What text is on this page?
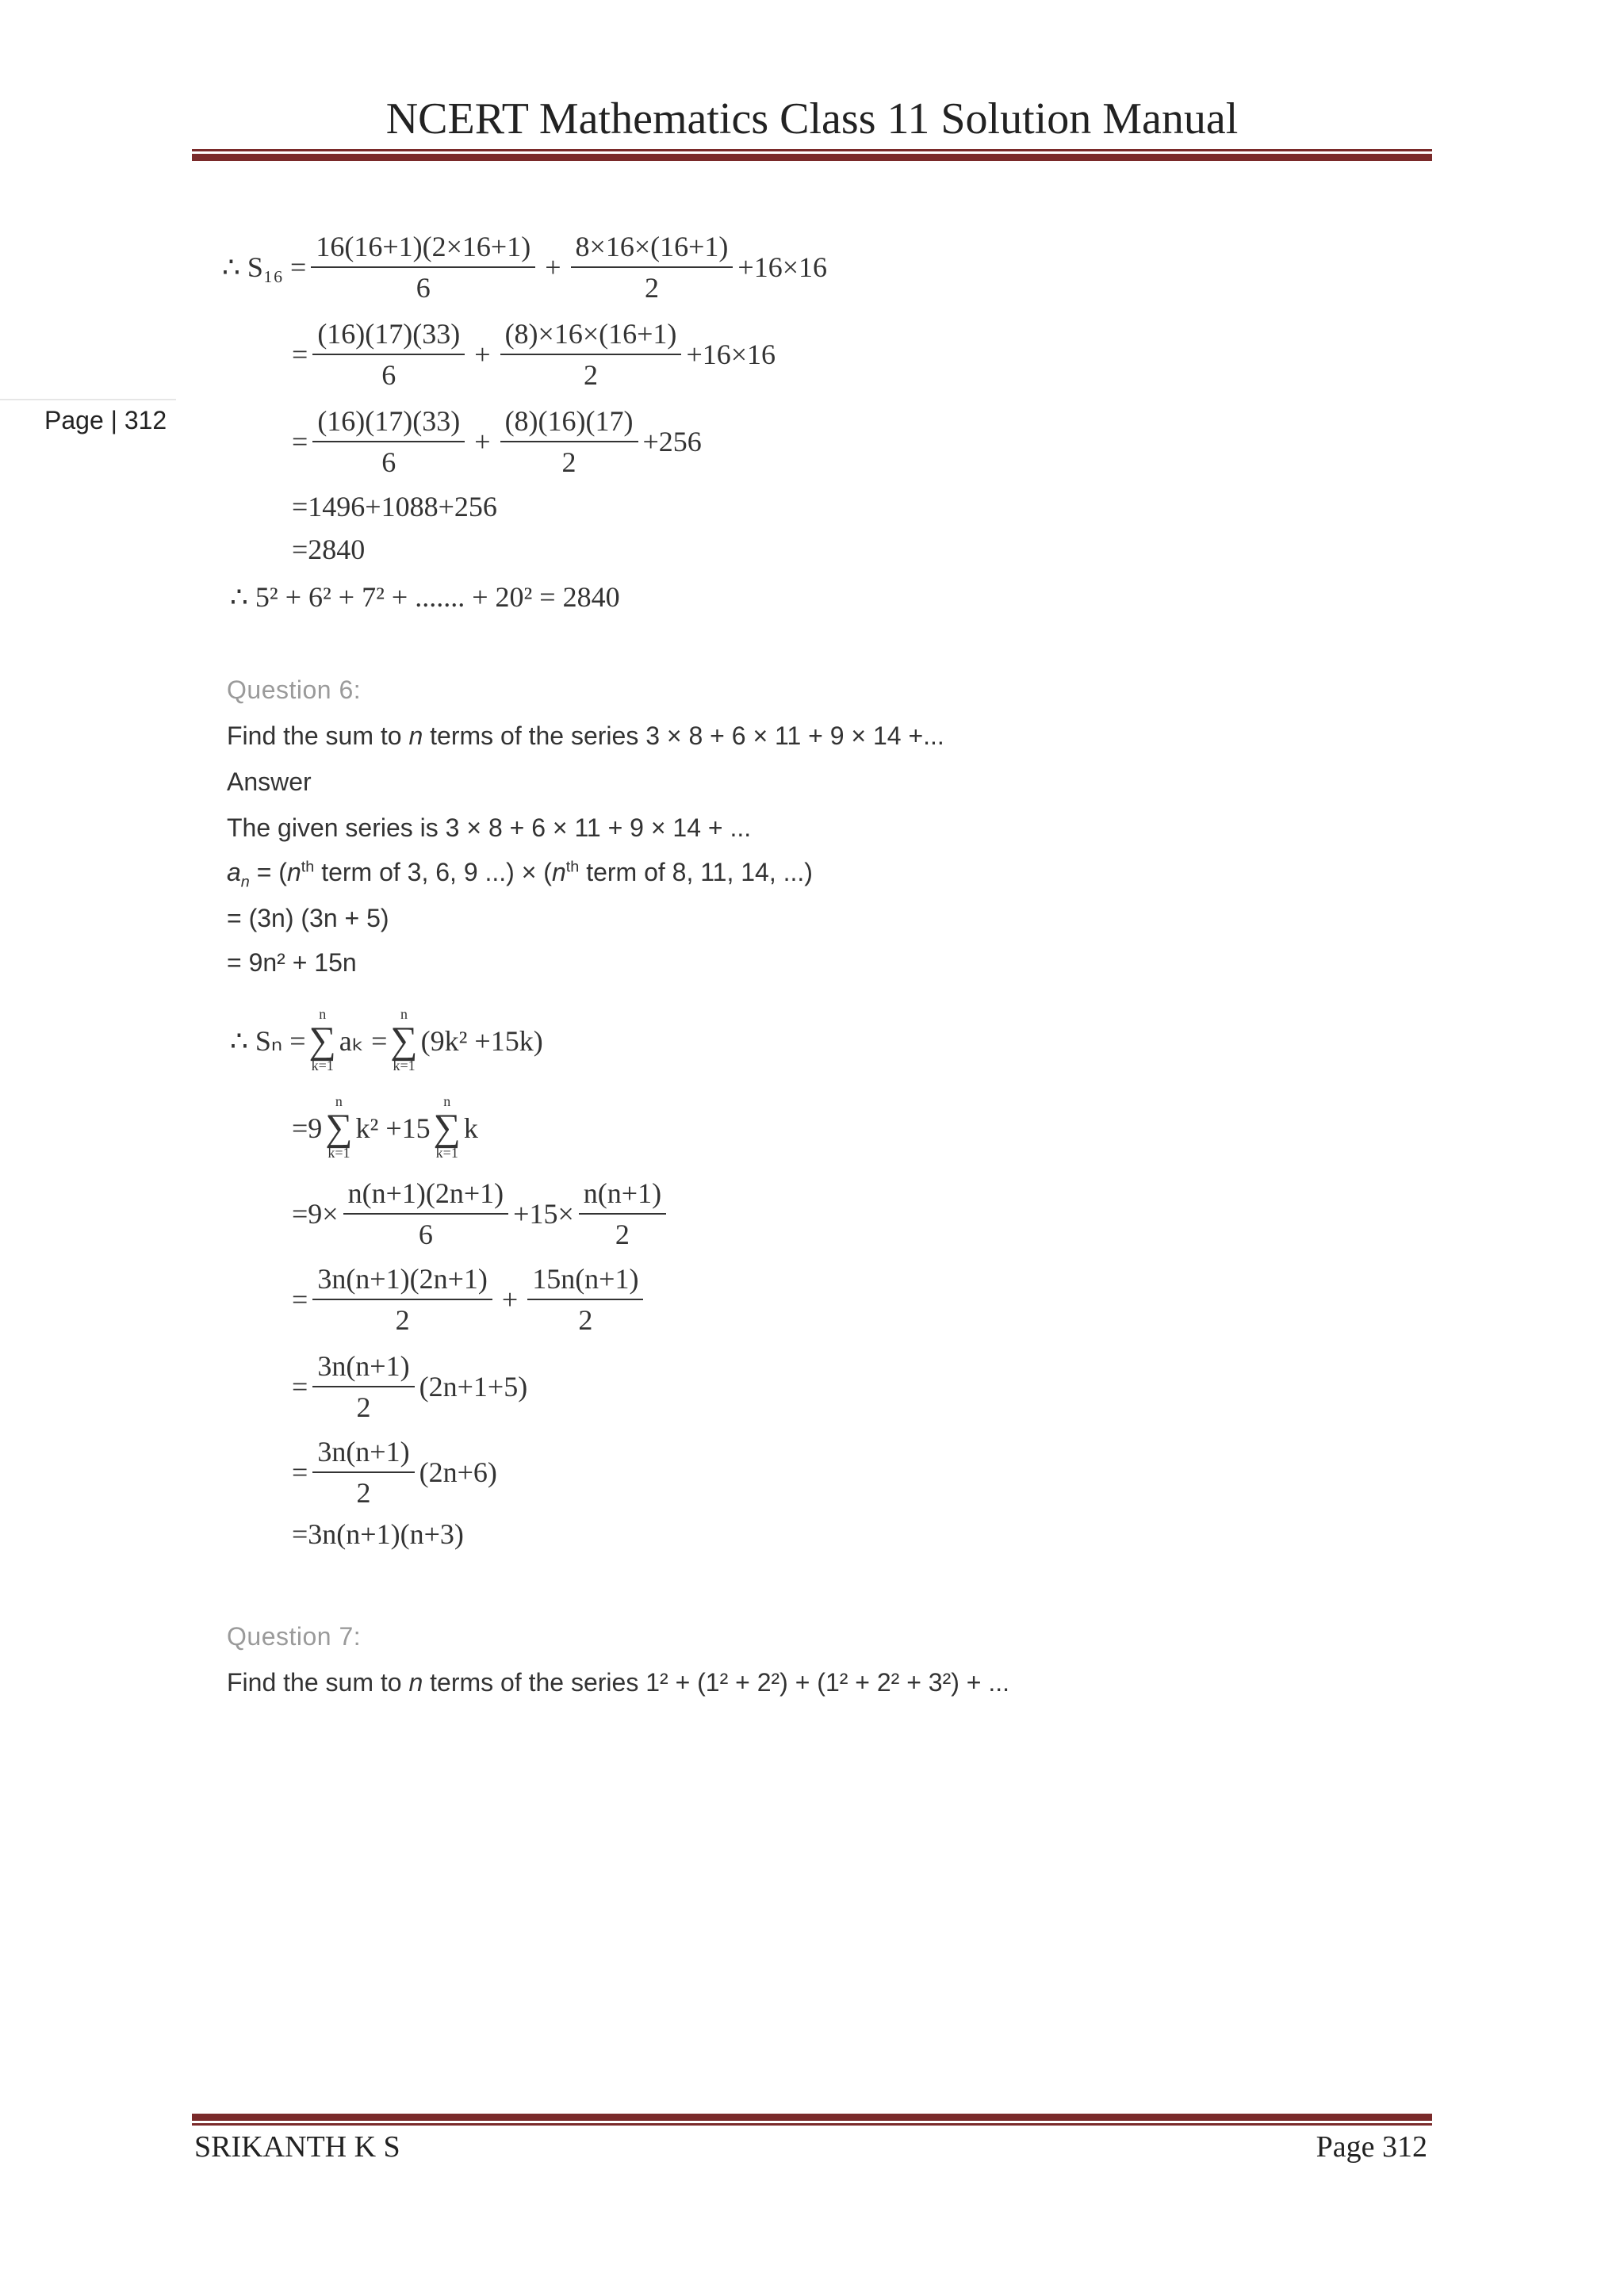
NCERT Mathematics Class 11 Solution Manual
Page | 312
∴ $S_{16} = \frac{16(16+1)(2\times 16+1)}{6} + \frac{8\times 16\times(16+1)}{2} +16\times 16$
= $\frac{(16)(17)(33)}{6} + \frac{(8)\times 16\times(16+1)}{2} +16\times 16$
= $\frac{(16)(17)(33)}{6} + \frac{(8)(16)(17)}{2} +256$
=1496+1088+256
=2840
∴ 5² + 6² + 7² + ....... + 20² = 2840
Question 6:
Find the sum to n terms of the series 3 × 8 + 6 × 11 + 9 × 14 +...
Answer
The given series is 3 × 8 + 6 × 11 + 9 × 14 + ...
$a_n = (n^{th}$ term of 3, 6, 9 ...) × ($n^{th}$ term of 8, 11, 14, ...)
= (3n) (3n + 5)
= 9n² + 15n
∴ Sₙ =
n
∑
k=1
aₖ =
n
∑
k=1
(9k² +15k)
=9
n
∑
k=1
k² +15
n
∑
k=1
k
$=9\times \frac{n(n+1)(2n+1)}{6} +15\times \frac{n(n+1)}{2}$
= $\frac{3n(n+1)(2n+1)}{2} + \frac{15n(n+1)}{2}$
= $\frac{3n(n+1)}{2} (2n+1+5)$
= $\frac{3n(n+1)}{2} (2n+6)$
=3n(n+1)(n+3)
Question 7:
Find the sum to n terms of the series 1² + (1² + 2²) + (1² + 2² + 3²) + ...
SRIKANTH K S	Page 312
